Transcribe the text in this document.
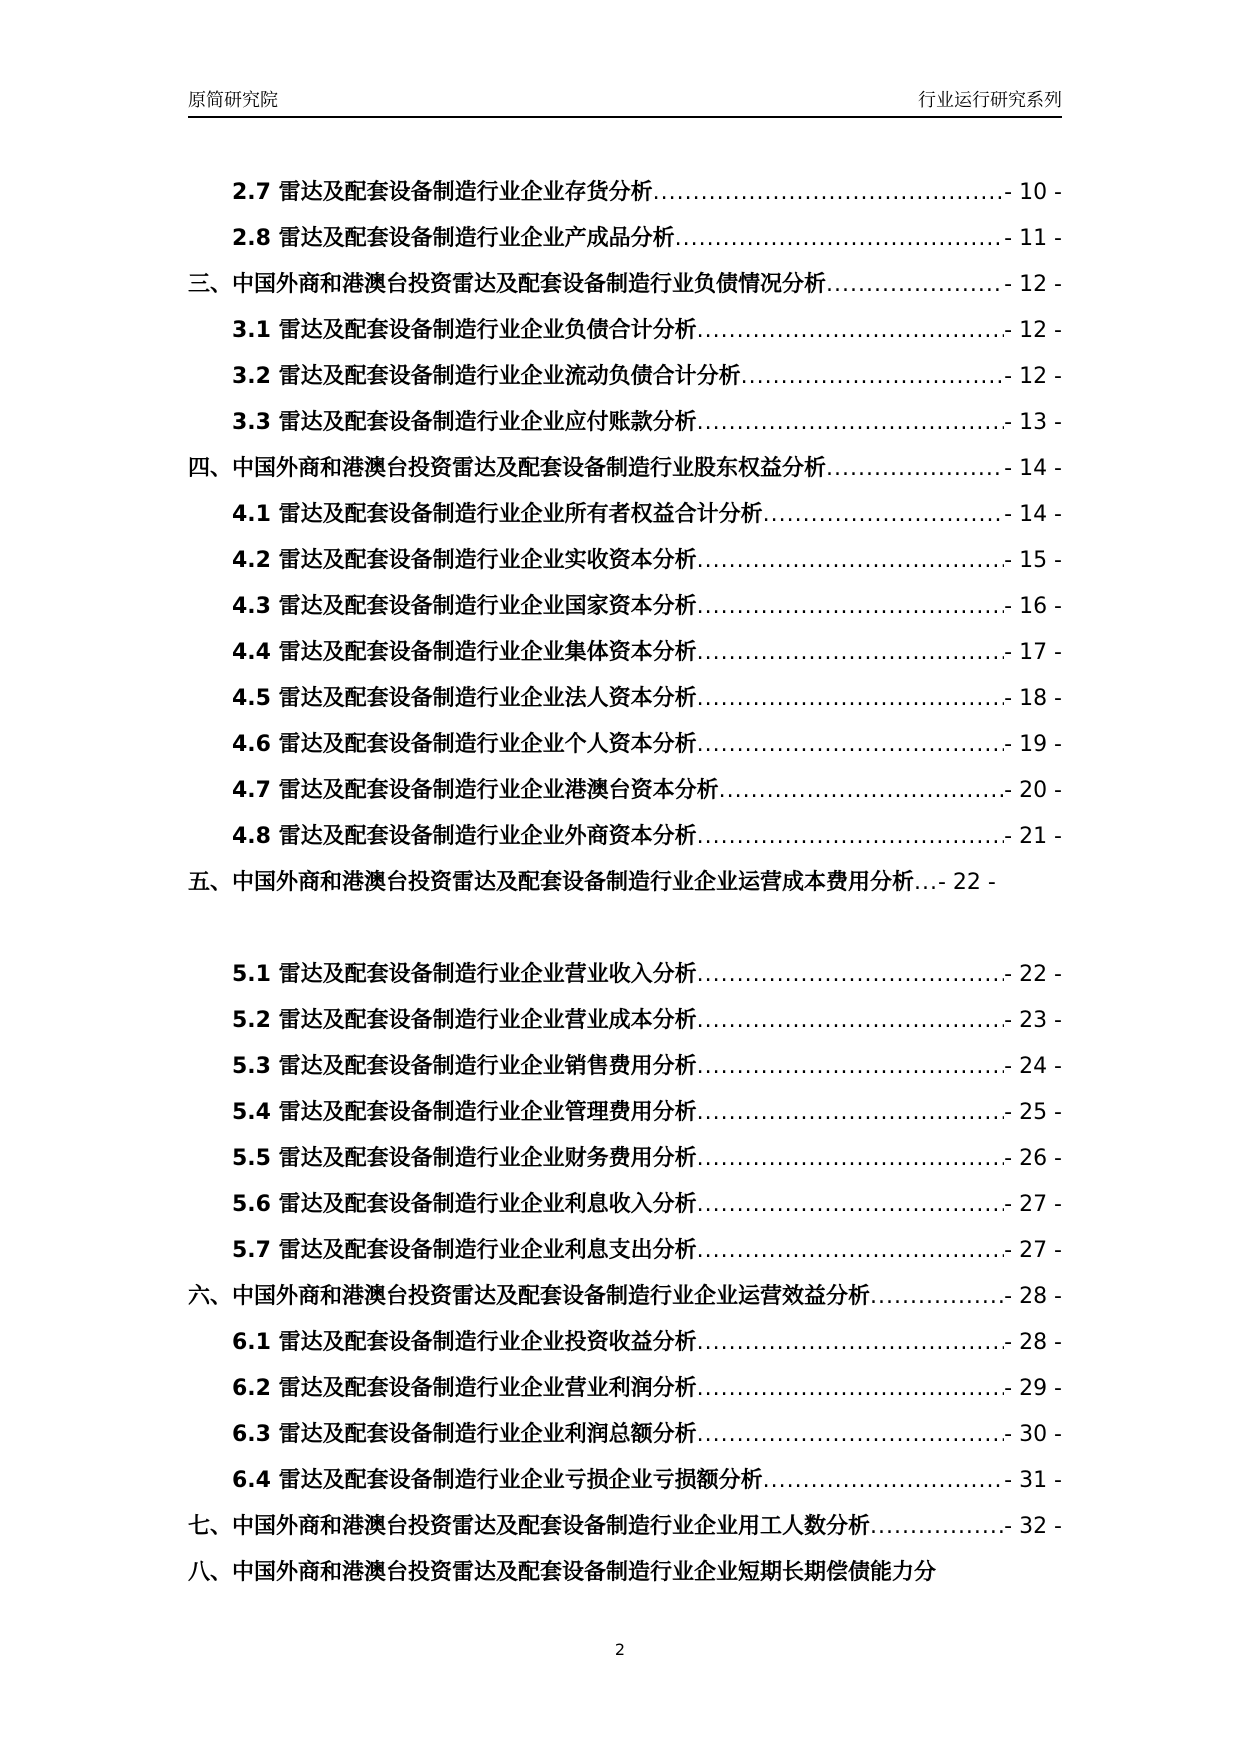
原简研究院	行业运行研究系列
2.7 雷达及配套设备制造行业企业存货分析 .....	- 10 -
2.8 雷达及配套设备制造行业企业产成品分析 .....	- 11 -
三、中国外商和港澳台投资雷达及配套设备制造行业负债情况分析 .....	- 12 -
3.1 雷达及配套设备制造行业企业负债合计分析 .....	- 12 -
3.2 雷达及配套设备制造行业企业流动负债合计分析 .....	- 12 -
3.3 雷达及配套设备制造行业企业应付账款分析 .....	- 13 -
四、中国外商和港澳台投资雷达及配套设备制造行业股东权益分析 .....	- 14 -
4.1 雷达及配套设备制造行业企业所有者权益合计分析 .....	- 14 -
4.2 雷达及配套设备制造行业企业实收资本分析 .....	- 15 -
4.3 雷达及配套设备制造行业企业国家资本分析 .....	- 16 -
4.4 雷达及配套设备制造行业企业集体资本分析 .....	- 17 -
4.5 雷达及配套设备制造行业企业法人资本分析 .....	- 18 -
4.6 雷达及配套设备制造行业企业个人资本分析 .....	- 19 -
4.7 雷达及配套设备制造行业企业港澳台资本分析 .....	- 20 -
4.8 雷达及配套设备制造行业企业外商资本分析 .....	- 21 -
五、中国外商和港澳台投资雷达及配套设备制造行业企业运营成本费用分析...- 22 -
5.1 雷达及配套设备制造行业企业营业收入分析 .....	- 22 -
5.2 雷达及配套设备制造行业企业营业成本分析 .....	- 23 -
5.3 雷达及配套设备制造行业企业销售费用分析 .....	- 24 -
5.4 雷达及配套设备制造行业企业管理费用分析 .....	- 25 -
5.5 雷达及配套设备制造行业企业财务费用分析 .....	- 26 -
5.6 雷达及配套设备制造行业企业利息收入分析 .....	- 27 -
5.7 雷达及配套设备制造行业企业利息支出分析 .....	- 27 -
六、中国外商和港澳台投资雷达及配套设备制造行业企业运营效益分析 .....	- 28 -
6.1 雷达及配套设备制造行业企业投资收益分析 .....	- 28 -
6.2 雷达及配套设备制造行业企业营业利润分析 .....	- 29 -
6.3 雷达及配套设备制造行业企业利润总额分析 .....	- 30 -
6.4 雷达及配套设备制造行业企业亏损企业亏损额分析 .....	- 31 -
七、中国外商和港澳台投资雷达及配套设备制造行业企业用工人数分析 .....	- 32 -
八、中国外商和港澳台投资雷达及配套设备制造行业企业短期长期偿债能力分
2
